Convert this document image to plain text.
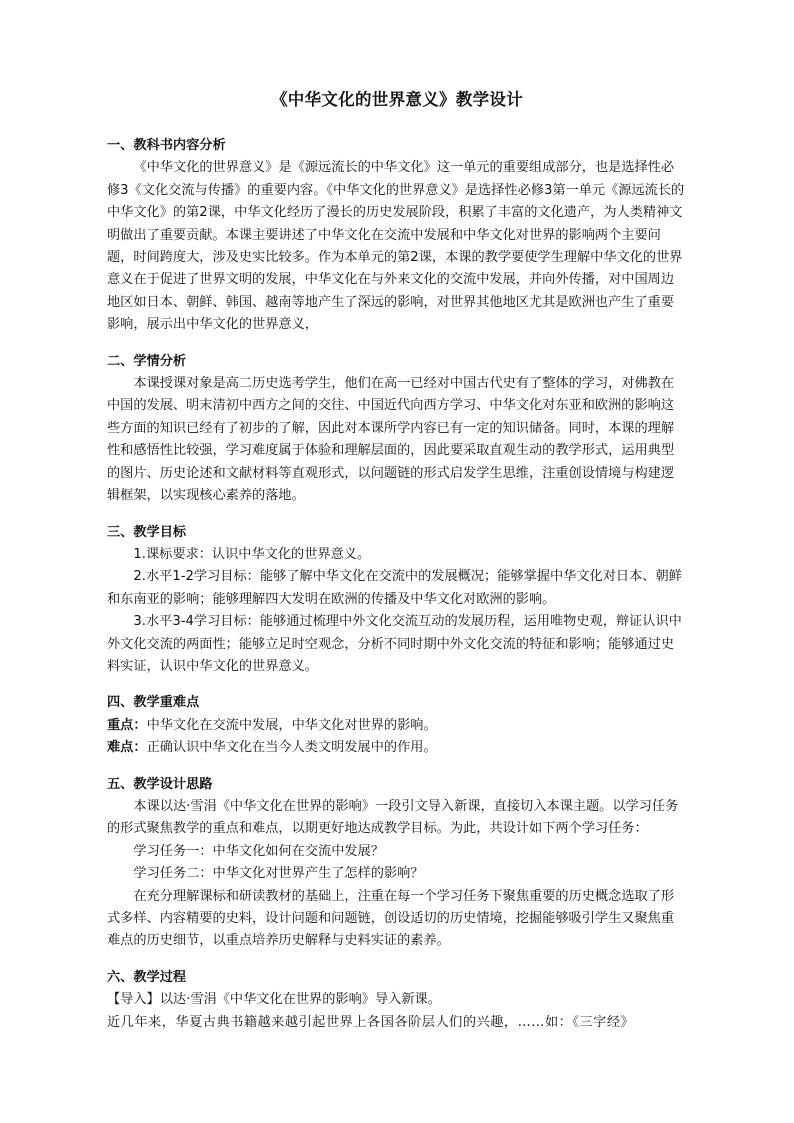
《中华文化的世界意义》教学设计

一、教科书内容分析

《中华文化的世界意义》是《源远流长的中华文化》这一单元的重要组成部分，也是选择性必修3《文化交流与传播》的重要内容。《中华文化的世界意义》是选择性必修3第一单元《源远流长的中华文化》的第2课，中华文化经历了漫长的历史发展阶段，积累了丰富的文化遗产，为人类精神文明做出了重要贡献。本课主要讲述了中华文化在交流中发展和中华文化对世界的影响两个主要问题，时间跨度大，涉及史实比较多。作为本单元的第2课，本课的教学要使学生理解中华文化的世界意义在于促进了世界文明的发展，中华文化在与外来文化的交流中发展，并向外传播，对中国周边地区如日本、朝鲜、韩国、越南等地产生了深远的影响，对世界其他地区尤其是欧洲也产生了重要影响，展示出中华文化的世界意义，

二、学情分析

本课授课对象是高二历史选考学生，他们在高一已经对中国古代史有了整体的学习，对佛教在中国的发展、明末清初中西方之间的交往、中国近代向西方学习、中华文化对东亚和欧洲的影响这些方面的知识已经有了初步的了解，因此对本课所学内容已有一定的知识储备。同时，本课的理解性和感悟性比较强，学习难度属于体验和理解层面的，因此要采取直观生动的教学形式，运用典型的图片、历史论述和文献材料等直观形式，以问题链的形式启发学生思维，注重创设情境与构建逻辑框架，以实现核心素养的落地。

三、教学目标

1.课标要求：认识中华文化的世界意义。

2.水平1-2学习目标：能够了解中华文化在交流中的发展概况；能够掌握中华文化对日本、朝鲜和东南亚的影响；能够理解四大发明在欧洲的传播及中华文化对欧洲的影响。

3.水平3-4学习目标：能够通过梳理中外文化交流互动的发展历程，运用唯物史观，辩证认识中外文化交流的两面性；能够立足时空观念，分析不同时期中外文化交流的特征和影响；能够通过史料实证，认识中华文化的世界意义。

四、教学重难点

重点：中华文化在交流中发展，中华文化对世界的影响。

难点：正确认识中华文化在当今人类文明发展中的作用。

五、教学设计思路

本课以达·雪涓《中华文化在世界的影响》一段引文导入新课，直接切入本课主题。以学习任务的形式聚焦教学的重点和难点，以期更好地达成教学目标。为此，共设计如下两个学习任务：

学习任务一：中华文化如何在交流中发展？

学习任务二：中华文化对世界产生了怎样的影响？

在充分理解课标和研读教材的基础上，注重在每一个学习任务下聚焦重要的历史概念选取了形式多样、内容精要的史料，设计问题和问题链，创设适切的历史情境，挖掘能够吸引学生又聚焦重难点的历史细节，以重点培养历史解释与史料实证的素养。

六、教学过程

【导入】以达·雪涓《中华文化在世界的影响》导入新课。

近几年来，华夏古典书籍越来越引起世界上各国各阶层人们的兴趣，……如：《三字经》
